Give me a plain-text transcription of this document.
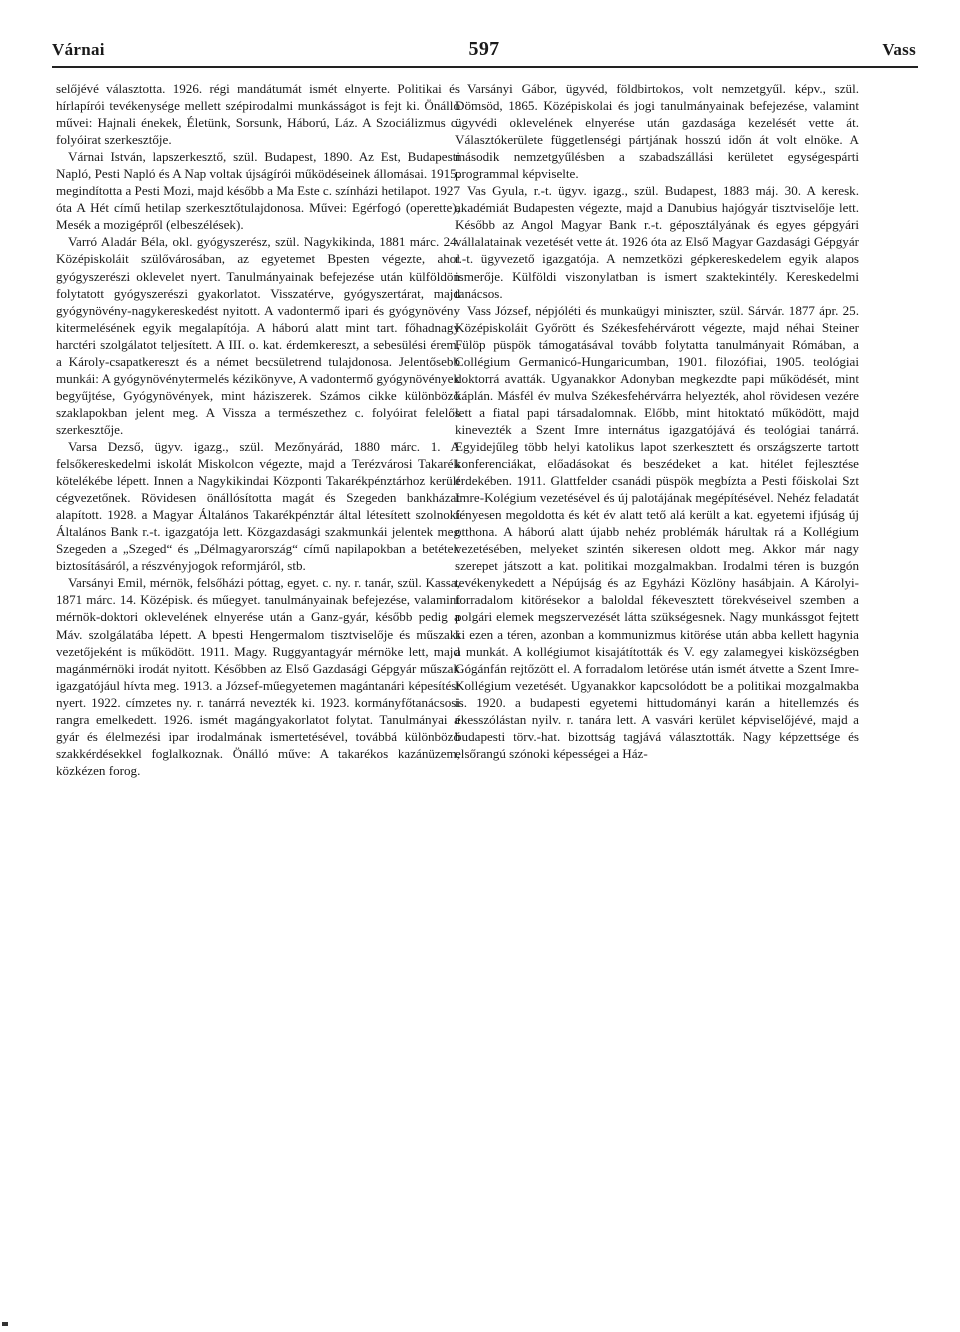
Várnai	597	Vass

selőjévé választotta. 1926. régi mandátumát ismét elnyerte. Politikai és hírlapírói tevékenysége mellett szépirodalmi munkásságot is fejt ki. Önálló művei: Hajnali énekek, Életünk, Sorsunk, Háború, Láz. A Szociálizmus c. folyóirat szerkesztője.

Várnai István, lapszerkesztő, szül. Budapest, 1890. Az Est, Budapesti Napló, Pesti Napló és A Nap voltak újságírói működéseinek állomásai. 1915. megindította a Pesti Mozi, majd később a Ma Este c. színházi hetilapot. 1927 óta A Hét című hetilap szerkesztőtulajdonosa. Művei: Egérfogó (operette), Mesék a mozigépről (elbeszélések).

Varró Aladár Béla, okl. gyógyszerész, szül. Nagykikinda, 1881 márc. 24. Középiskoláit szülővárosában, az egyetemet Bpesten végezte, ahol gyógyszerészi oklevelet nyert. Tanulmányainak befejezése után külföldön folytatott gyógyszerészi gyakorlatot. Visszatérve, gyógyszertárat, majd gyógynövény-nagykereskedést nyitott. A vadontermő ipari és gyógynövény kitermelésének egyik megalapítója. A háború alatt mint tart. főhadnagy harctéri szolgálatot teljesített. A III. o. kat. érdemkereszt, a sebesülési érem, a Károly-csapatkereszt és a német becsületrend tulajdonosa. Jelentősebb munkái: A gyógynövénytermelés kézikönyve, A vadontermő gyógynövények begyűjtése, Gyógynövények, mint háziszerek. Számos cikke különböző szaklapokban jelent meg. A Vissza a természethez c. folyóirat felelős szerkesztője.

Varsa Dezső, ügyv. igazg., szül. Mezőnyárád, 1880 márc. 1. A felsőkereskedelmi iskolát Miskolcon végezte, majd a Terézvárosi Takarék kötelékébe lépett. Innen a Nagykikindai Központi Takarékpénztárhoz került cégvezetőnek. Rövidesen önállósította magát és Szegeden bankházat alapított. 1928. a Magyar Általános Takarékpénztár által létesített szolnoki Általános Bank r.-t. igazgatója lett. Közgazdasági szakmunkái jelentek meg Szegeden a „Szeged“ és „Délmagyarország“ című napilapokban a betétek biztosításáról, a részvényjogok reformjáról, stb.

Varsányi Emil, mérnök, felsőházi póttag, egyet. c. ny. r. tanár, szül. Kassa, 1871 márc. 14. Középisk. és műegyet. tanulmányainak befejezése, valamint mérnök-doktori oklevelének elnyerése után a Ganz-gyár, később pedig a Máv. szolgálatába lépett. A bpesti Hengermalom tisztviselője és műszaki vezetőjeként is működött. 1911. Magy. Ruggyantagyár mérnöke lett, majd magánmérnöki irodát nyitott. Későbben az Első Gazdasági Gépgyár műszak igazgatójául hívta meg. 1913. a József-műegyetemen magántanári képesítést nyert. 1922. címzetes ny. r. tanárrá nevezték ki. 1923. kormányfőtanácsosi rangra emelkedett. 1926. ismét magángyakorlatot folytat. Tanulmányai a gyár és élelmezési ipar irodalmának ismertetésével, továbbá különböző szakkérdésekkel foglalkoznak. Önálló műve: A takarékos kazánüzem, közkézen forog.

Varsányi Gábor, ügyvéd, földbirtokos, volt nemzetgyűl. képv., szül. Dömsöd, 1865. Középiskolai és jogi tanulmányainak befejezése, valamint ügyvédi oklevelének elnyerése után gazdasága kezelését vette át. Választókerülete függetlenségi pártjának hosszú időn át volt elnöke. A második nemzetgyűlésben a szabadszállási kerületet egységespárti programmal képviselte.

Vas Gyula, r.-t. ügyv. igazg., szül. Budapest, 1883 máj. 30. A keresk. akadémiát Budapesten végezte, majd a Danubius hajógyár tisztviselője lett. Később az Angol Magyar Bank r.-t. géposztályának és egyes gépgyári vállalatainak vezetését vette át. 1926 óta az Első Magyar Gazdasági Gépgyár r.-t. ügyvezető igazgatója. A nemzetközi gépkereskedelem egyik alapos ismerője. Külföldi viszonylatban is ismert szaktekintély. Kereskedelmi tanácsos.

Vass József, népjóléti és munkaügyi miniszter, szül. Sárvár. 1877 ápr. 25. Középiskoláit Győrött és Székesfehérvárott végezte, majd néhai Steiner Fülöp püspök támogatásával tovább folytatta tanulmányait Rómában, a Collégium Germanicó-Hungaricumban, 1901. filozófiai, 1905. teológiai doktorrá avatták. Ugyanakkor Adonyban megkezdte papi működését, mint káplán. Másfél év mulva Székesfehérvárra helyezték, ahol rövidesen vezére lett a fiatal papi társadalomnak. Előbb, mint hitoktató működött, majd kinevezték a Szent Imre internátus igazgatójává és teológiai tanárrá. Egyidejűleg több helyi katolikus lapot szerkesztett és országszerte tartott konferenciákat, előadásokat és beszédeket a kat. hitélet fejlesztése érdekében. 1911. Glattfelder csanádi püspök megbízta a Pesti főiskolai Szt Imre-Kolégium vezetésével és új palotájának megépítésével. Nehéz feladatát fényesen megoldotta és két év alatt tető alá került a kat. egyetemi ifjúság új otthona. A háború alatt újabb nehéz problémák hárultak rá a Kollégium vezetésében, melyeket szintén sikeresen oldott meg. Akkor már nagy szerepet játszott a kat. politikai mozgalmakban. Irodalmi téren is buzgón tevékenykedett a Népújság és az Egyházi Közlöny hasábjain. A Károlyi-forradalom kitörésekor a baloldal fékevesztett törekvéseivel szemben a polgári elemek megszervezését látta szükségesnek. Nagy munkássgot fejtett ki ezen a téren, azonban a kommunizmus kitörése után abba kellett hagynia a munkát. A kollégiumot kisajátították és V. egy zalamegyei kisközségben Gógánfán rejtőzött el. A forradalom letörése után ismét átvette a Szent Imre-Kollégium vezetését. Ugyanakkor kapcsolódott be a politikai mozgalmakba is. 1920. a budapesti egyetemi hittudományi karán a hitellemzés és ékesszólástan nyilv. r. tanára lett. A vasvári kerület képviselőjévé, majd a budapesti törv.-hat. bizottság tagjává választották. Nagy képzettsége és elsőrangú szónoki képességei a Ház-
